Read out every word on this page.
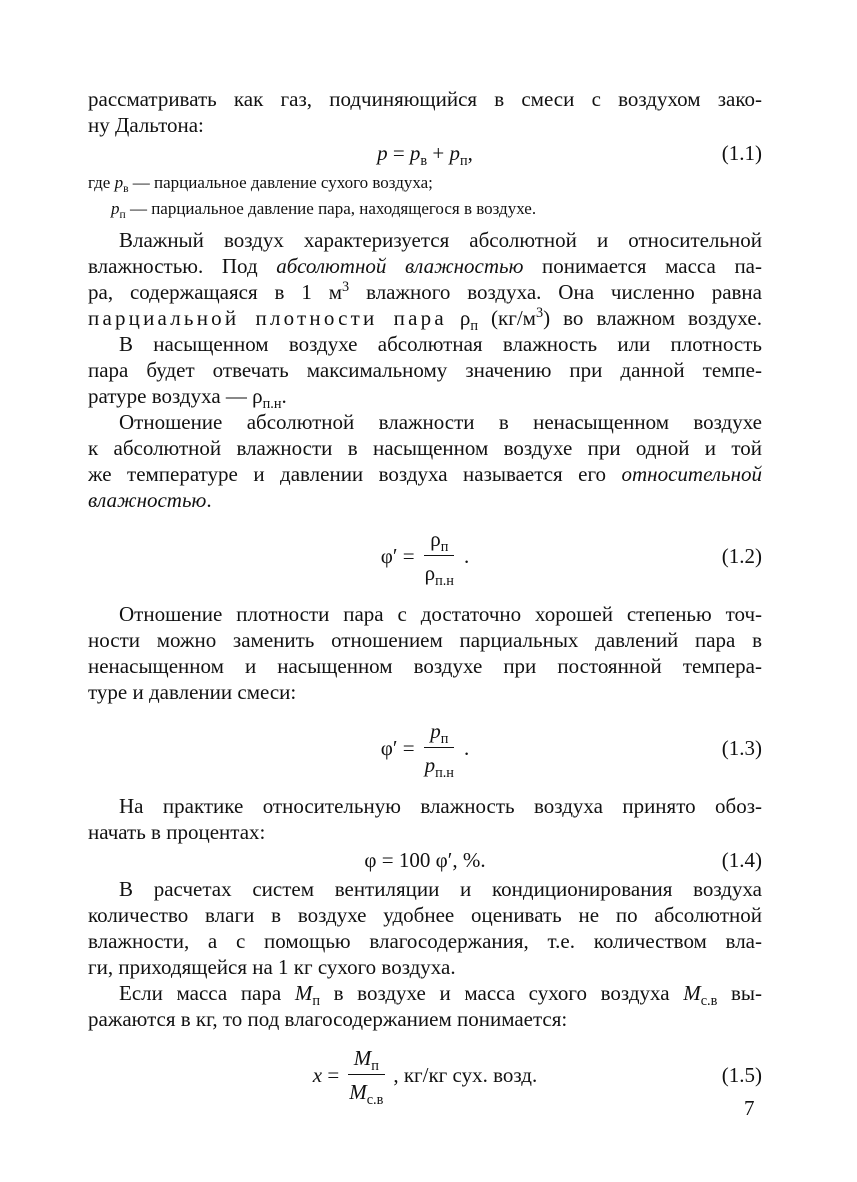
рассматривать как газ, подчиняющийся в смеси с воздухом зако-
ну Дальтона:
$p = p_в + p_п$,	(1.1)
где $p_в$ — парциальное давление сухого воздуха;
$p_п$ — парциальное давление пара, находящегося в воздухе.
Влажный воздух характеризуется абсолютной и относительной
влажностью. Под абсолютной влажностью понимается масса па-
ра, содержащаяся в 1 $м^3$ влажного воздуха. Она численно равна
парциальной плотности пара $\rho_п$ $(кг/м^3)$ во влажном воздухе.
В насыщенном воздухе абсолютная влажность или плотность
пара будет отвечать максимальному значению при данной темпе-
ратуре воздуха — $\rho_{п.н}$.
Отношение абсолютной влажности в ненасыщенном воздухе
к абсолютной влажности в насыщенном воздухе при одной и той
же температуре и давлении воздуха называется его относительной
влажностью.
$\varphi' = \frac{\rho_п}{\rho_{п.н}}$ .	(1.2)
Отношение плотности пара с достаточно хорошей степенью точ-
ности можно заменить отношением парциальных давлений пара в
ненасыщенном и насыщенном воздухе при постоянной темпера-
туре и давлении смеси:
$\varphi' = \frac{p_п}{p_{п.н}}$ .	(1.3)
На практике относительную влажность воздуха принято обоз-
начать в процентах:
φ = 100 φ′, %.	(1.4)
В расчетах систем вентиляции и кондиционирования воздуха
количество влаги в воздухе удобнее оценивать не по абсолютной
влажности, а с помощью влагосодержания, т.е. количеством вла-
ги, приходящейся на 1 кг сухого воздуха.
Если масса пара $M_п$ в воздухе и масса сухого воздуха $M_{с.в}$ вы-
ражаются в кг, то под влагосодержанием понимается:
$x = \frac{M_п}{M_{с.в}}$ , кг/кг сух. возд.	(1.5)
7
